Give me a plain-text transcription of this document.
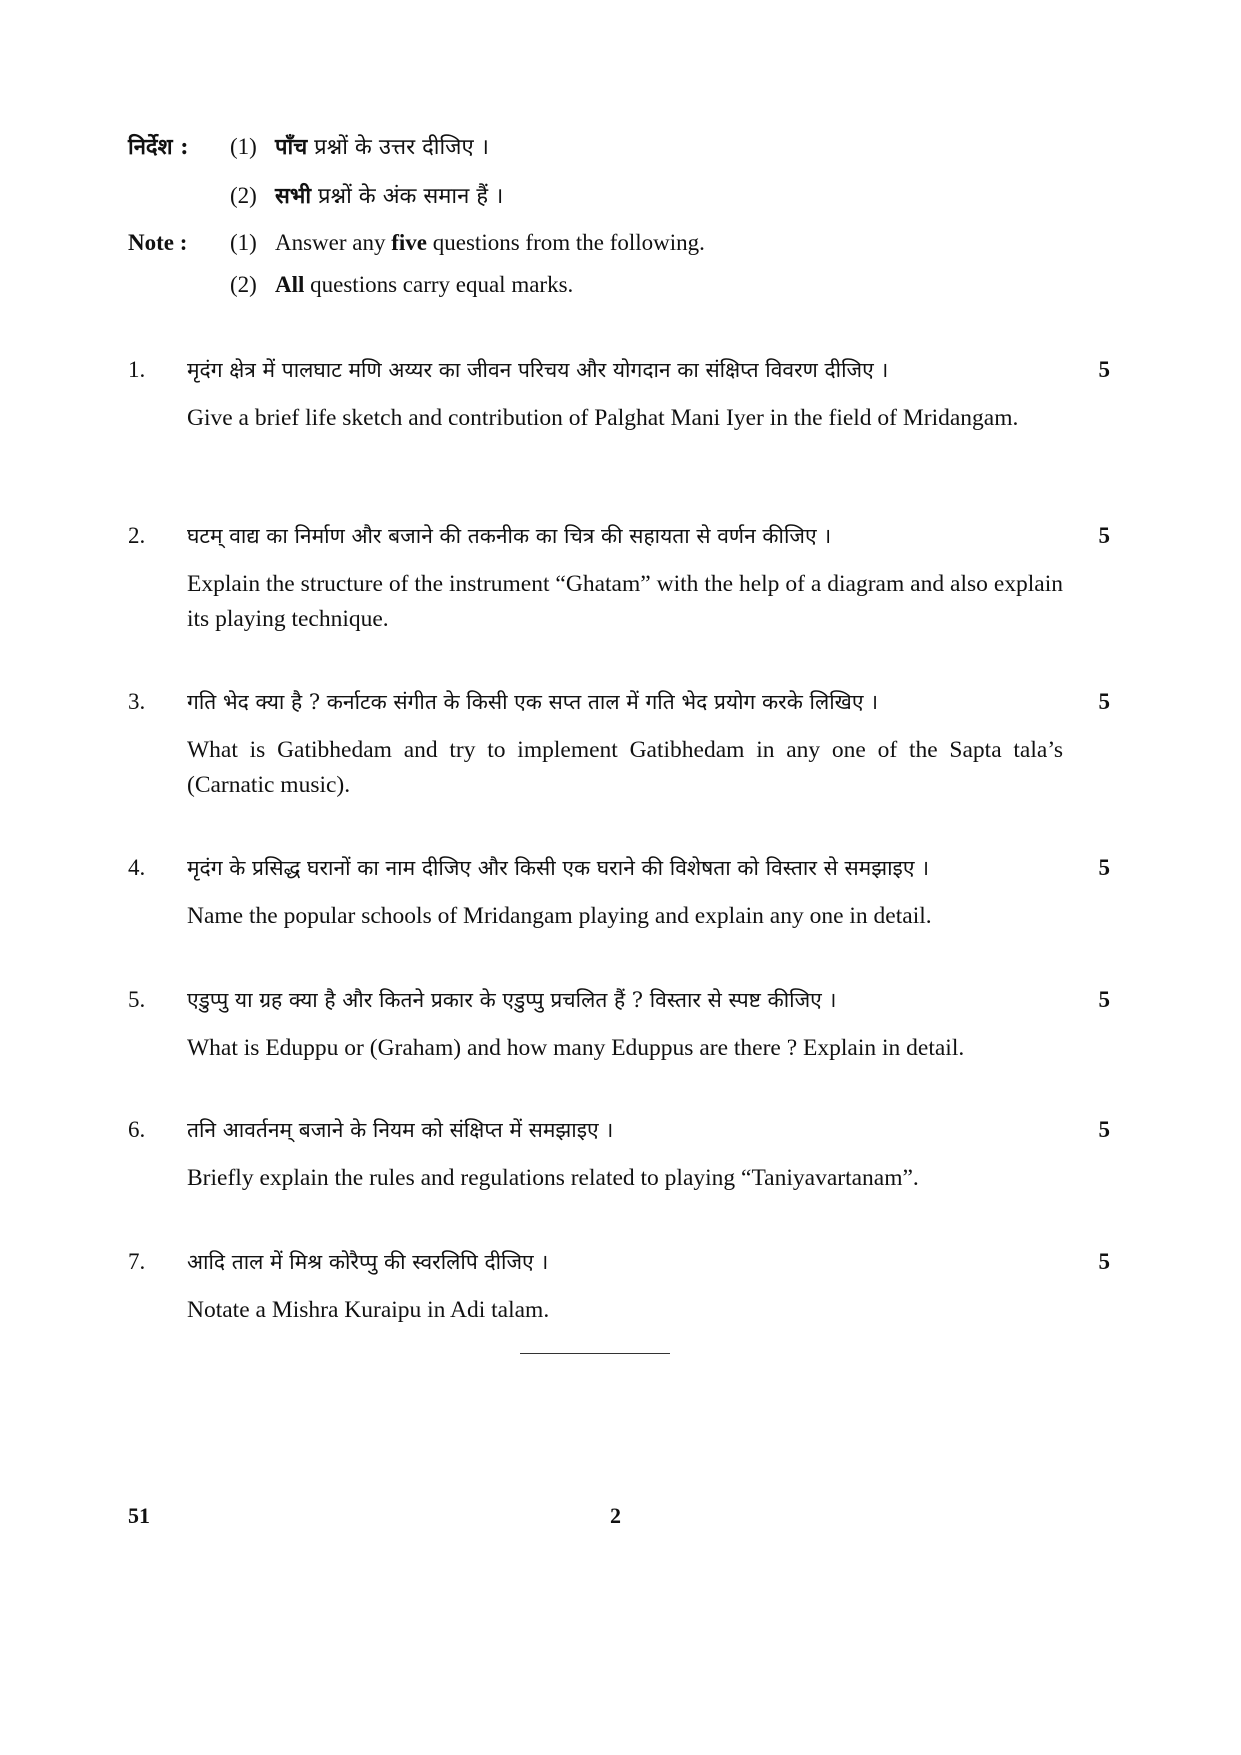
निर्देश : (1) पाँच प्रश्नों के उत्तर दीजिए ।
(2) सभी प्रश्नों के अंक समान हैं ।
Note : (1) Answer any five questions from the following.
(2) All questions carry equal marks.
1. मृदंग क्षेत्र में पालघाट मणि अय्यर का जीवन परिचय और योगदान का संक्षिप्त विवरण दीजिए ।	5
Give a brief life sketch and contribution of Palghat Mani Iyer in the field of Mridangam.
2. घटम् वाद्य का निर्माण और बजाने की तकनीक का चित्र की सहायता से वर्णन कीजिए ।	5
Explain the structure of the instrument “Ghatam” with the help of a diagram and also explain its playing technique.
3. गति भेद क्या है ? कर्नाटक संगीत के किसी एक सप्त ताल में गति भेद प्रयोग करके लिखिए ।	5
What is Gatibhedam and try to implement Gatibhedam in any one of the Sapta tala’s (Carnatic music).
4. मृदंग के प्रसिद्ध घरानों का नाम दीजिए और किसी एक घराने की विशेषता को विस्तार से समझाइए ।	5
Name the popular schools of Mridangam playing and explain any one in detail.
5. एडुप्पु या ग्रह क्या है और कितने प्रकार के एडुप्पु प्रचलित हैं ? विस्तार से स्पष्ट कीजिए ।	5
What is Eduppu or (Graham) and how many Eduppus are there ? Explain in detail.
6. तनि आवर्तनम् बजाने के नियम को संक्षिप्त में समझाइए ।	5
Briefly explain the rules and regulations related to playing “Taniyavartanam”.
7. आदि ताल में मिश्र कोरैप्पु की स्वरलिपि दीजिए ।	5
Notate a Mishra Kuraipu in Adi talam.
51	2
